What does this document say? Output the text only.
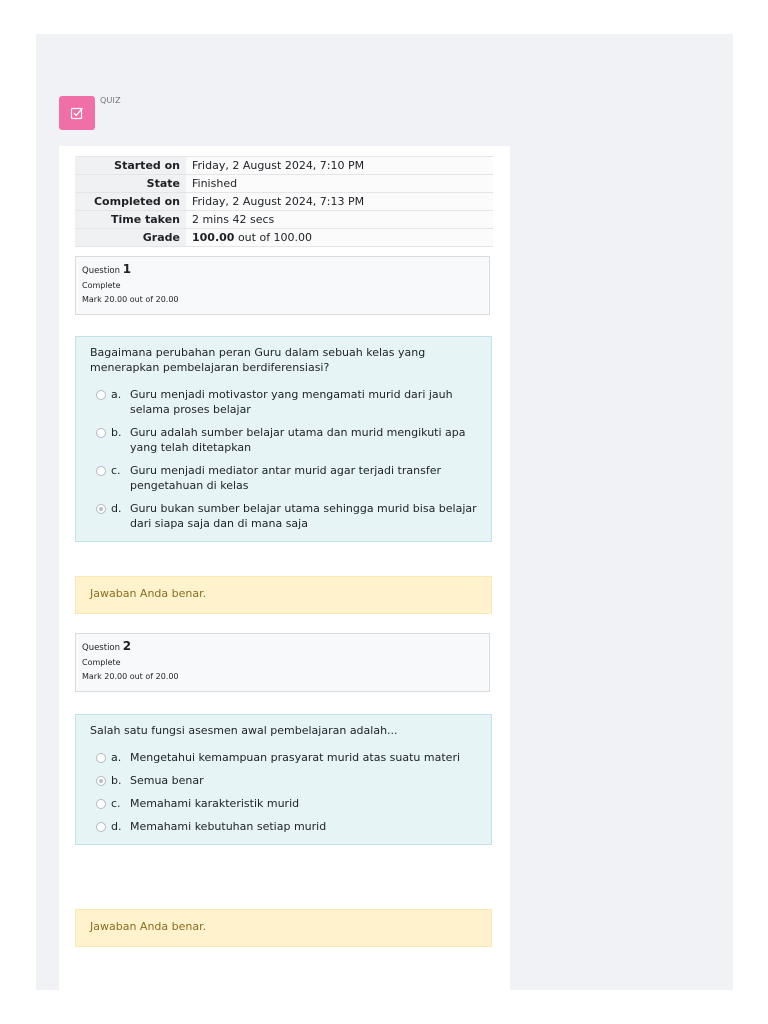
QUIZ
Started on	Friday, 2 August 2024, 7:10 PM
State	Finished
Completed on	Friday, 2 August 2024, 7:13 PM
Time taken	2 mins 42 secs
Grade	100.00 out of 100.00
Question 1
Complete
Mark 20.00 out of 20.00

Bagaimana perubahan peran Guru dalam sebuah kelas yang menerapkan pembelajaran berdiferensiasi?

a. Guru menjadi motivastor yang mengamati murid dari jauh selama proses belajar
b. Guru adalah sumber belajar utama dan murid mengikuti apa yang telah ditetapkan
c. Guru menjadi mediator antar murid agar terjadi transfer pengetahuan di kelas
d. Guru bukan sumber belajar utama sehingga murid bisa belajar dari siapa saja dan di mana saja
Jawaban Anda benar.
Question 2
Complete
Mark 20.00 out of 20.00

Salah satu fungsi asesmen awal pembelajaran adalah...

a. Mengetahui kemampuan prasyarat murid atas suatu materi
b. Semua benar
c. Memahami karakteristik murid
d. Memahami kebutuhan setiap murid
Jawaban Anda benar.
